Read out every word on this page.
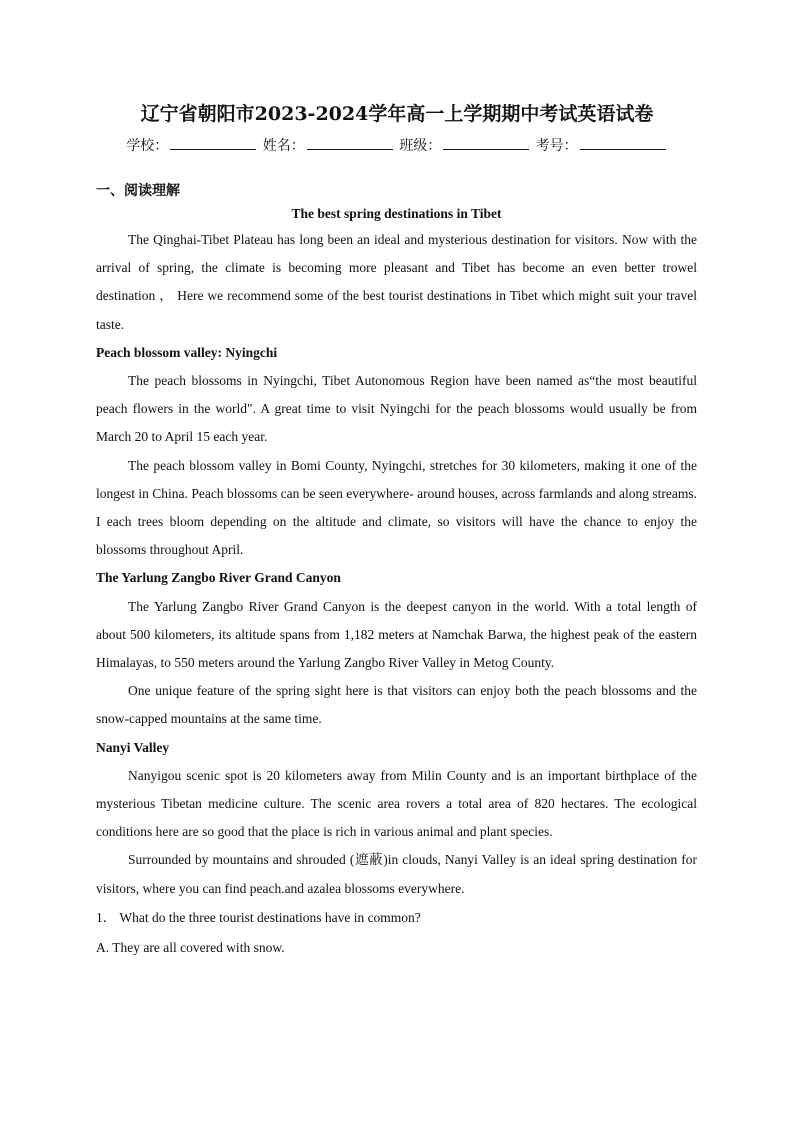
辽宁省朝阳市2023-2024学年高一上学期期中考试英语试卷
学校：	姓名：	班级：	考号：
一、阅读理解
The best spring destinations in Tibet

The Qinghai-Tibet Plateau has long been an ideal and mysterious destination for visitors. Now with the arrival of spring, the climate is becoming more pleasant and Tibet has become an even better trowel destination ， Here we recommend some of the best tourist destinations in Tibet which might suit your travel taste.

Peach blossom valley: Nyingchi

The peach blossoms in Nyingchi, Tibet Autonomous Region have been named as“the most beautiful peach flowers in the world". A great time to visit Nyingchi for the peach blossoms would usually be from March 20 to April 15 each year.

The peach blossom valley in Bomi County, Nyingchi, stretches for 30 kilometers, making it one of the longest in China. Peach blossoms can be seen everywhere- around houses, across farmlands and along streams. I each trees bloom depending on the altitude and climate, so visitors will have the chance to enjoy the blossoms throughout April.

The Yarlung Zangbo River Grand Canyon

The Yarlung Zangbo River Grand Canyon is the deepest canyon in the world. With a total length of about 500 kilometers, its altitude spans from 1,182 meters at Namchak Barwa, the highest peak of the eastern Himalayas, to 550 meters around the Yarlung Zangbo River Valley in Metog County.

One unique feature of the spring sight here is that visitors can enjoy both the peach blossoms and the snow-capped mountains at the same time.

Nanyi Valley

Nanyigou scenic spot is 20 kilometers away from Milin County and is an important birthplace of the mysterious Tibetan medicine culture. The scenic area rovers a total area of 820 hectares. The ecological conditions here are so good that the place is rich in various animal and plant species.

Surrounded by mountains and shrouded (遮蔽)in clouds, Nanyi Valley is an ideal spring destination for visitors, where you can find peach.and azalea blossoms everywhere.

1． What do the three tourist destinations have in common?

A. They are all covered with snow.
